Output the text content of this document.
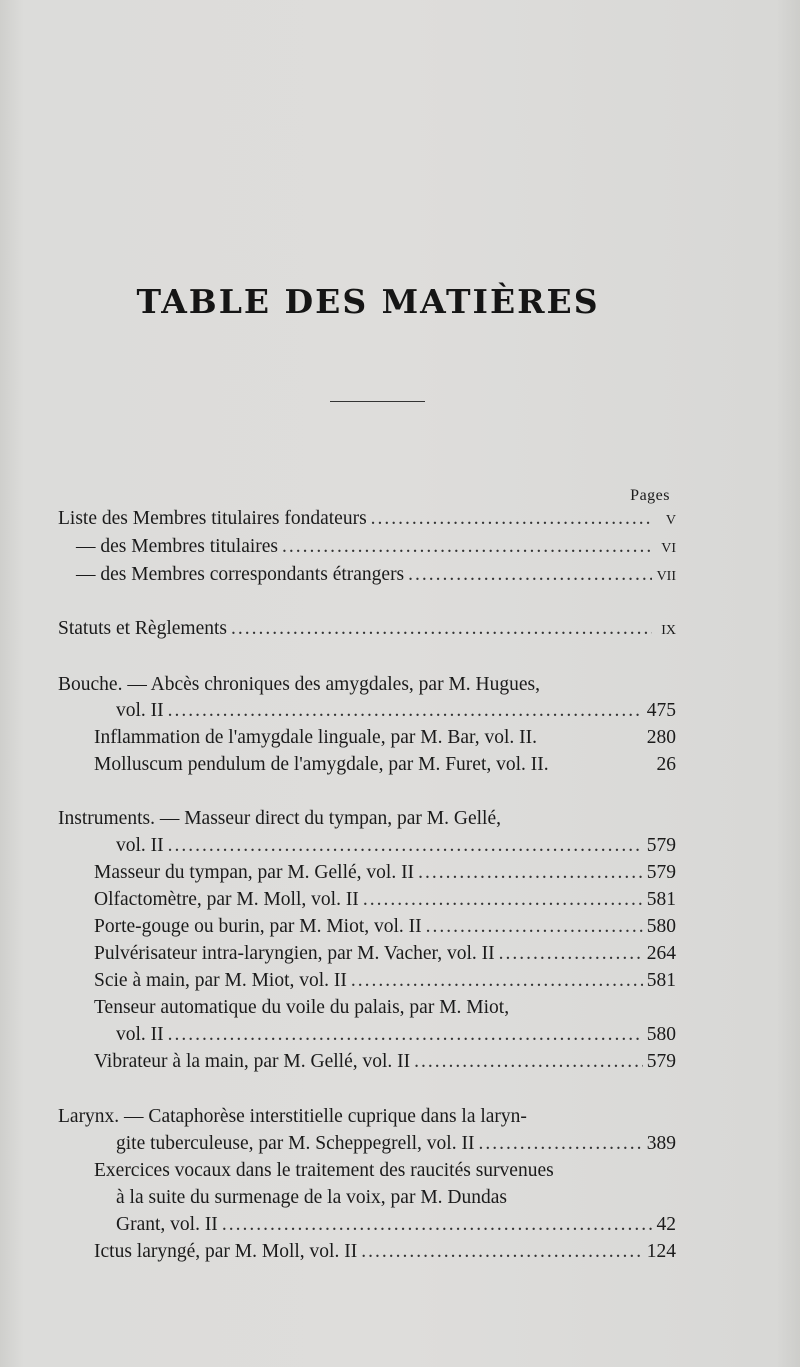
TABLE DES MATIÈRES
Pages
Liste des Membres titulaires fondateurs .....	v
— des Membres titulaires .....	vi
— des Membres correspondants étrangers .....	vii
Statuts et Règlements .....	ix
Bouche. — Abcès chroniques des amygdales, par M. Hugues,
vol. II .....	475
Inflammation de l'amygdale linguale, par M. Bar, vol. II.	280
Molluscum pendulum de l'amygdale, par M. Furet, vol. II.	26
Instruments. — Masseur direct du tympan, par M. Gellé,
vol. II .....	579
Masseur du tympan, par M. Gellé, vol. II .....	579
Olfactomètre, par M. Moll, vol. II .....	581
Porte-gouge ou burin, par M. Miot, vol. II .....	580
Pulvérisateur intra-laryngien, par M. Vacher, vol. II .....	264
Scie à main, par M. Miot, vol. II .....	581
Tenseur automatique du voile du palais, par M. Miot,
vol. II .....	580
Vibrateur à la main, par M. Gellé, vol. II .....	579
Larynx. — Cataphorèse interstitielle cuprique dans la laryn-
gite tuberculeuse, par M. Scheppegrell, vol. II .....	389
Exercices vocaux dans le traitement des raucités survenues
à la suite du surmenage de la voix, par M. Dundas
Grant, vol. II .....	42
Ictus laryngé, par M. Moll, vol. II .....	124
